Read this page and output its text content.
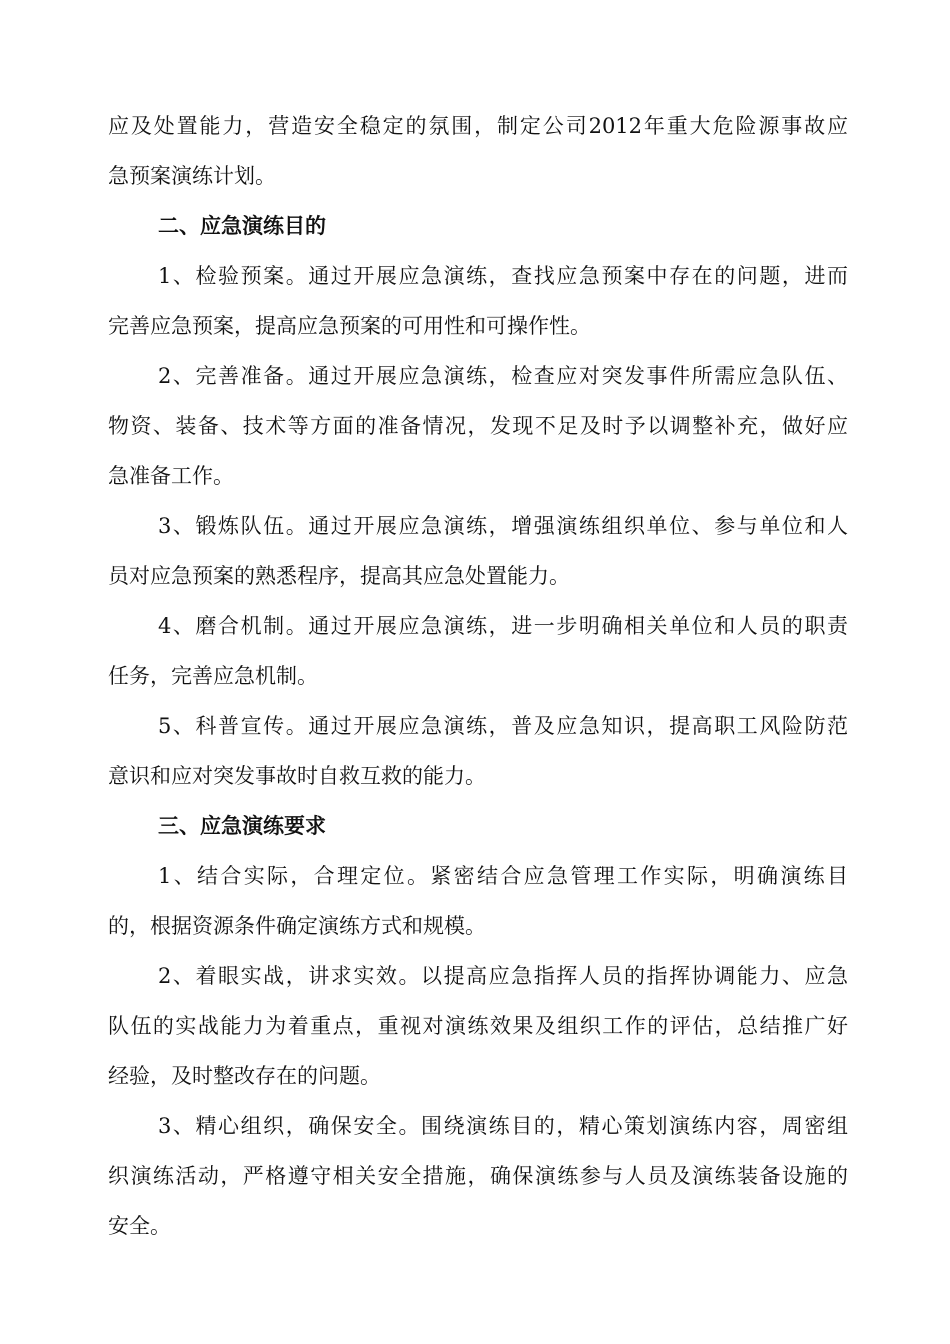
应及处置能力，营造安全稳定的氛围，制定公司2012年重大危险源事故应
急预案演练计划。
二、应急演练目的
1、检验预案。通过开展应急演练，查找应急预案中存在的问题，进而
完善应急预案，提高应急预案的可用性和可操作性。
2、完善准备。通过开展应急演练，检查应对突发事件所需应急队伍、
物资、装备、技术等方面的准备情况，发现不足及时予以调整补充，做好应
急准备工作。
3、锻炼队伍。通过开展应急演练，增强演练组织单位、参与单位和人
员对应急预案的熟悉程序，提高其应急处置能力。
4、磨合机制。通过开展应急演练，进一步明确相关单位和人员的职责
任务，完善应急机制。
5、科普宣传。通过开展应急演练，普及应急知识，提高职工风险防范
意识和应对突发事故时自救互救的能力。
三、应急演练要求
1、结合实际，合理定位。紧密结合应急管理工作实际，明确演练目
的，根据资源条件确定演练方式和规模。
2、着眼实战，讲求实效。以提高应急指挥人员的指挥协调能力、应急
队伍的实战能力为着重点，重视对演练效果及组织工作的评估，总结推广好
经验，及时整改存在的问题。
3、精心组织，确保安全。围绕演练目的，精心策划演练内容，周密组
织演练活动，严格遵守相关安全措施，确保演练参与人员及演练装备设施的
安全。
